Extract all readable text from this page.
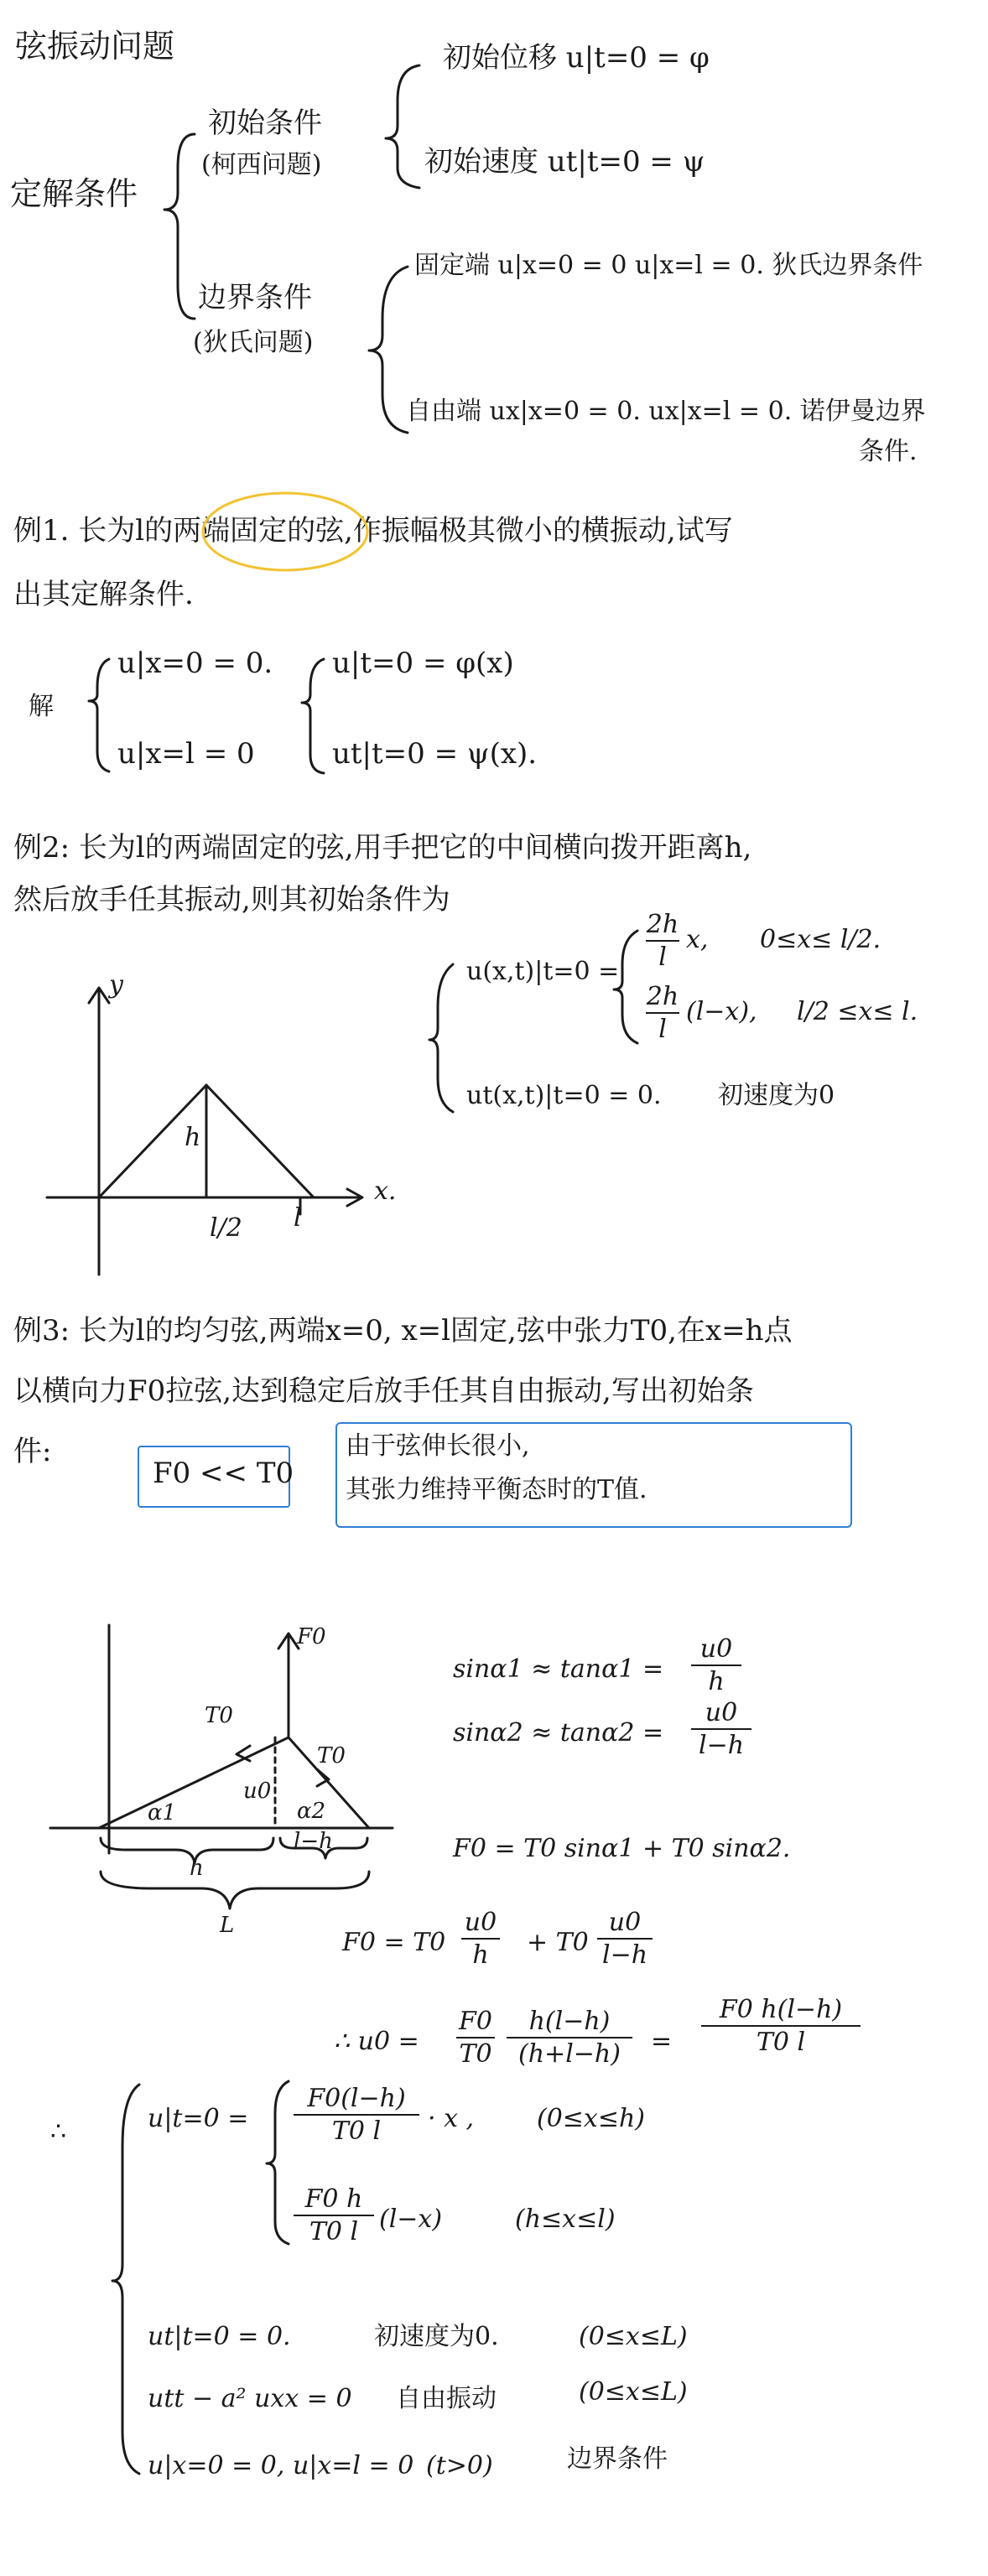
弦振动问题
定解条件
初始条件
(柯西问题)
初始位移 u|t=0 = φ
初始速度 ut|t=0 = ψ
边界条件
(狄氏问题)
固定端 u|x=0 = 0 u|x=l = 0. 狄氏边界条件
自由端 ux|x=0 = 0. ux|x=l = 0. 诺伊曼边界
条件.
例1. 长为l的两端固定的弦,作振幅极其微小的横振动,试写
出其定解条件.
解
u|x=0 = 0.
u|x=l = 0
u|t=0 = φ(x)
ut|t=0 = ψ(x).
例2: 长为l的两端固定的弦,用手把它的中间横向拨开距离h,
然后放手任其振动,则其初始条件为
y
x.
h
l/2 l
u(x,t)|t=0 =
2h
l
x, 0≤x≤ l/2.
2h
l
(l−x), l/2 ≤x≤ l.
ut(x,t)|t=0 = 0. 初速度为0
例3: 长为l的均匀弦,两端x=0, x=l固定,弦中张力T0,在x=h点
以横向力F0拉弦,达到稳定后放手任其自由振动,写出初始条
件:
F0 << T0
由于弦伸长很小,
其张力维持平衡态时的T值.
F0
T0
T0
u0
α1	α2
h
l−h
L
sinα1 ≈ tanα1 =
u0
h
sinα2 ≈ tanα2 =
u0
l−h
F0 = T0 sinα1 + T0 sinα2.
F0 = T0
u0
h	+ T0
u0
l−h
∴ u0 =
F0
T0
h(l−h)
(h+l−h)	=
F0 h(l−h)
T0 l
∴	u|t=0 =
F0(l−h)
T0 l	· x , (0≤x≤h)
F0 h
T0 l (l−x)	(h≤x≤l)
ut|t=0 = 0.	初速度为0.	(0≤x≤L)
utt − a² uxx = 0 自由振动	(0≤x≤L)
u|x=0 = 0, u|x=l = 0 (t>0)	边界条件
